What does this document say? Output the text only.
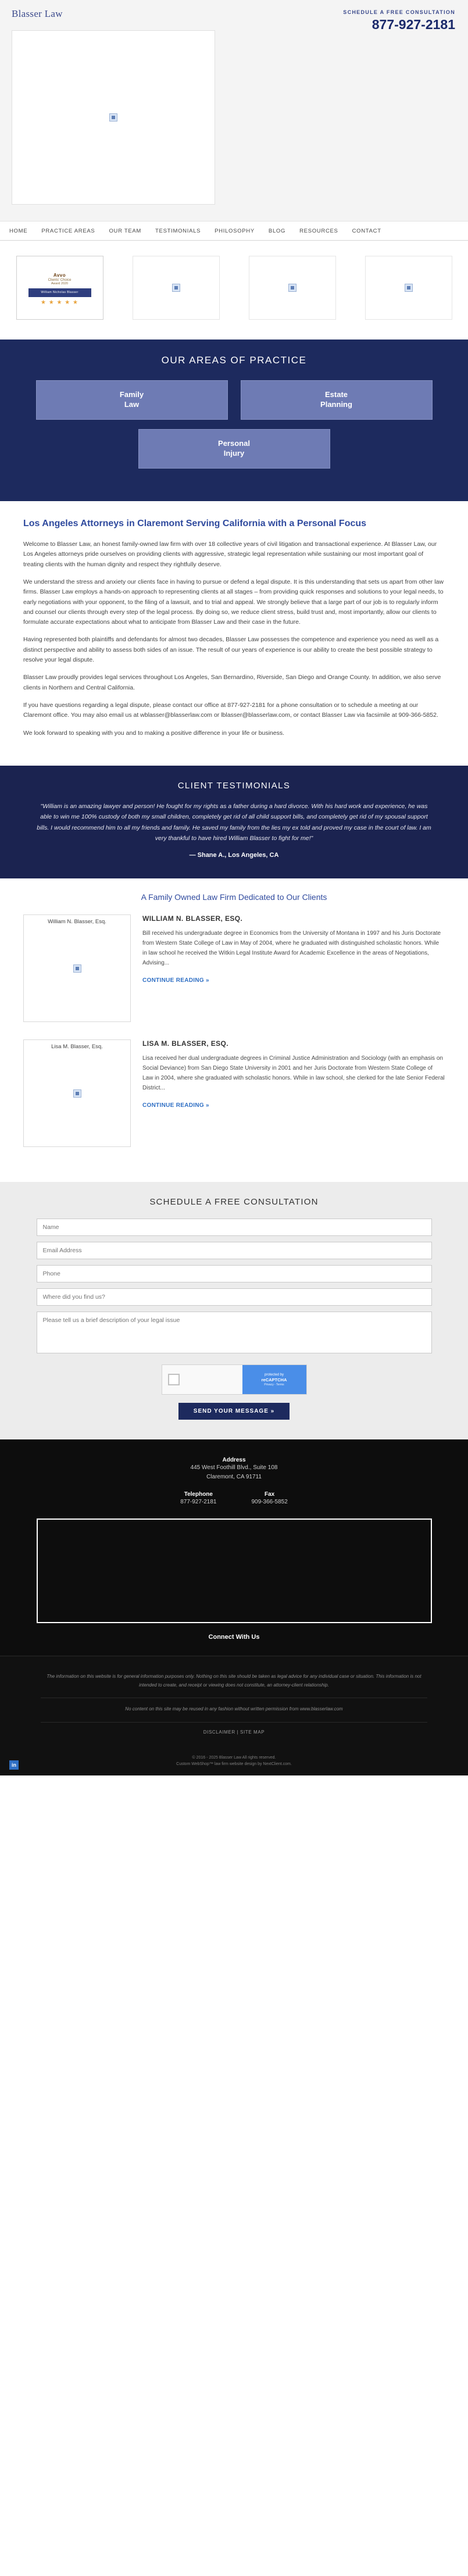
Blasser Law	SCHEDULE A FREE CONSULTATION
877-927-2181
HOME	PRACTICE AREAS	OUR TEAM	TESTIMONIALS	PHILOSOPHY	BLOG	RESOURCES	CONTACT
Avvo
Clients' Choice
Award 2020
William Nicholas Blasser
★ ★ ★ ★ ★
OUR AREAS OF PRACTICE
Family
Law
Estate
Planning
Personal
Injury
Los Angeles Attorneys in Claremont Serving California with a Personal Focus

Welcome to Blasser Law, an honest family-owned law firm with over 18 collective years of civil litigation and transactional experience. At Blasser Law, our Los Angeles attorneys pride ourselves on providing clients with aggressive, strategic legal representation while sustaining our most important goal of treating clients with the human dignity and respect they rightfully deserve.

We understand the stress and anxiety our clients face in having to pursue or defend a legal dispute. It is this understanding that sets us apart from other law firms. Blasser Law employs a hands-on approach to representing clients at all stages – from providing quick responses and solutions to your legal needs, to early negotiations with your opponent, to the filing of a lawsuit, and to trial and appeal. We strongly believe that a large part of our job is to regularly inform and counsel our clients through every step of the legal process. By doing so, we reduce client stress, build trust and, most importantly, allow our clients to formulate accurate expectations about what to anticipate from Blasser Law and their case in the future.

Having represented both plaintiffs and defendants for almost two decades, Blasser Law possesses the competence and experience you need as well as a distinct perspective and ability to assess both sides of an issue. The result of our years of experience is our ability to create the best possible strategy to resolve your legal dispute.

Blasser Law proudly provides legal services throughout Los Angeles, San Bernardino, Riverside, San Diego and Orange County. In addition, we also serve clients in Northern and Central California.

If you have questions regarding a legal dispute, please contact our office at 877-927-2181 for a phone consultation or to schedule a meeting at our Claremont office. You may also email us at wblasser@blasserlaw.com or lblasser@blasserlaw.com, or contact Blasser Law via facsimile at 909-366-5852.

We look forward to speaking with you and to making a positive difference in your life or business.

CLIENT TESTIMONIALS
"William is an amazing lawyer and person! He fought for my rights as a father during a hard divorce. With his hard work and experience, he was able to win me 100% custody of both my small children, completely get rid of all child support bills, and completely get rid of my spousal support bills. I would recommend him to all my friends and family. He saved my family from the lies my ex told and proved my case in the court of law. I am very thankful to have hired William Blasser to fight for me!"
— Shane A., Los Angeles, CA
A Family Owned Law Firm Dedicated to Our Clients
William N. Blasser, Esq.	WILLIAM N. BLASSER, ESQ.

Bill received his undergraduate degree in Economics from the University of Montana in 1997 and his Juris Doctorate from Western State College of Law in May of 2004, where he graduated with distinguished scholastic honors. While in law school he received the Witkin Legal Institute Award for Academic Excellence in the areas of Negotiations, Advising...

CONTINUE READING »
Lisa M. Blasser, Esq.	LISA M. BLASSER, ESQ.

Lisa received her dual undergraduate degrees in Criminal Justice Administration and Sociology (with an emphasis on Social Deviance) from San Diego State University in 2001 and her Juris Doctorate from Western State College of Law in 2004, where she graduated with scholastic honors. While in law school, she clerked for the late Senior Federal District...

CONTINUE READING »
SCHEDULE A FREE CONSULTATION
Name Email Address Phone Where did you find us? Please tell us a brief description of your legal issue
protected by
reCAPTCHA
Privacy - Terms
SEND YOUR MESSAGE »
Address
445 West Foothill Blvd., Suite 108
Claremont, CA 91711
Telephone
877-927-2181
Fax
909-366-5852
Connect With Us

The information on this website is for general information purposes only. Nothing on this site should be taken as legal advice for any individual case or situation. This information is not intended to create, and receipt or viewing does not constitute, an attorney-client relationship.

No content on this site may be reused in any fashion without written permission from www.blasserlaw.com

DISCLAIMER | SITE MAP
in
© 2016 - 2025 Blasser Law All rights reserved.
Custom WebShop™ law firm website design by NextClient.com.
